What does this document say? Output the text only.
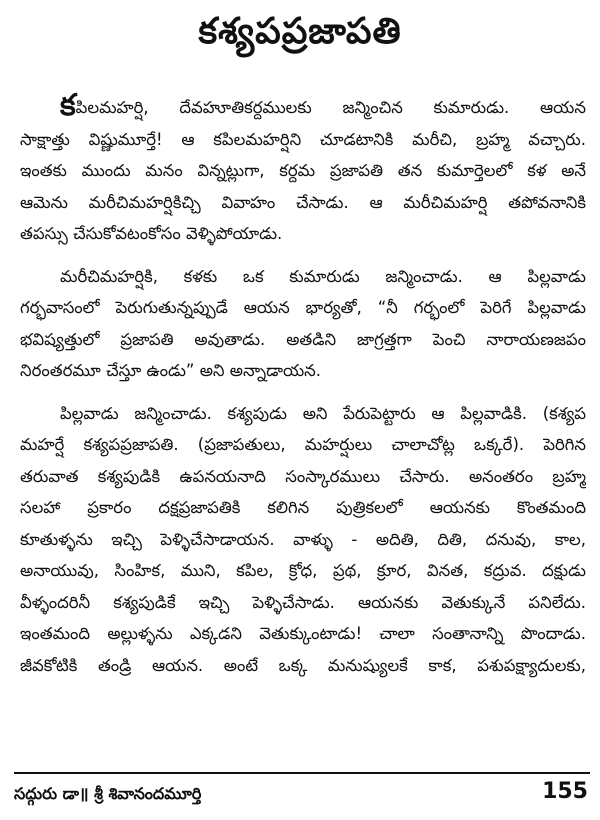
కశ్యపప్రజాపతి
కపిలమహర్షి, దేవహూతికర్దములకు జన్మించిన కుమారుడు. ఆయన
సాక్షాత్తు విష్ణుమూర్తే! ఆ కపిలమహర్షిని చూడటానికి మరీచి, బ్రహ్మ వచ్చారు.
ఇంతకు ముందు మనం విన్నట్లుగా, కర్దమ ప్రజాపతి తన కుమార్తెలలో కళ అనే
ఆమెను మరీచిమహర్షికిచ్చి వివాహం చేసాడు. ఆ మరీచిమహర్షి తపోవనానికి
తపస్సు చేసుకోవటంకోసం వెళ్ళిపోయాడు.
మరీచిమహర్షికి, కళకు ఒక కుమారుడు జన్మించాడు. ఆ పిల్లవాడు
గర్భవాసంలో పెరుగుతున్నప్పుడే ఆయన భార్యతో, “నీ గర్భంలో పెరిగే పిల్లవాడు
భవిష్యత్తులో ప్రజాపతి అవుతాడు. అతడిని జాగ్రత్తగా పెంచి నారాయణజపం
నిరంతరమూ చేస్తూ ఉండు” అని అన్నాడాయన.
పిల్లవాడు జన్మించాడు. కశ్యపుడు అని పేరుపెట్టారు ఆ పిల్లవాడికి. (కశ్యప
మహర్షే కశ్యపప్రజాపతి. (ప్రజాపతులు, మహర్షులు చాలాచోట్ల ఒక్కరే). పెరిగిన
తరువాత కశ్యపుడికి ఉపనయనాది సంస్కారములు చేసారు. అనంతరం బ్రహ్మ
సలహా ప్రకారం దక్షప్రజాపతికి కలిగిన పుత్రికలలో ఆయనకు కొంతమంది
కూతుళ్ళను ఇచ్చి పెళ్ళిచేసాడాయన. వాళ్ళు - అదితి, దితి, దనువు, కాల,
అనాయువు, సింహిక, ముని, కపిల, క్రోధ, ప్రథ, క్రూర, వినత, కద్రువ. దక్షుడు
వీళ్ళందరినీ కశ్యపుడికే ఇచ్చి పెళ్ళిచేసాడు. ఆయనకు వెతుక్కునే పనిలేదు.
ఇంతమంది అల్లుళ్ళను ఎక్కడని వెతుక్కుంటాడు! చాలా సంతానాన్ని పొందాడు.
జీవకోటికి తండ్రి ఆయన. అంటే ఒక్క మనుష్యులకే కాక, పశుపక్ష్యాదులకు,
సద్గురు డా॥ శ్రీ శివానందమూర్తి	155
